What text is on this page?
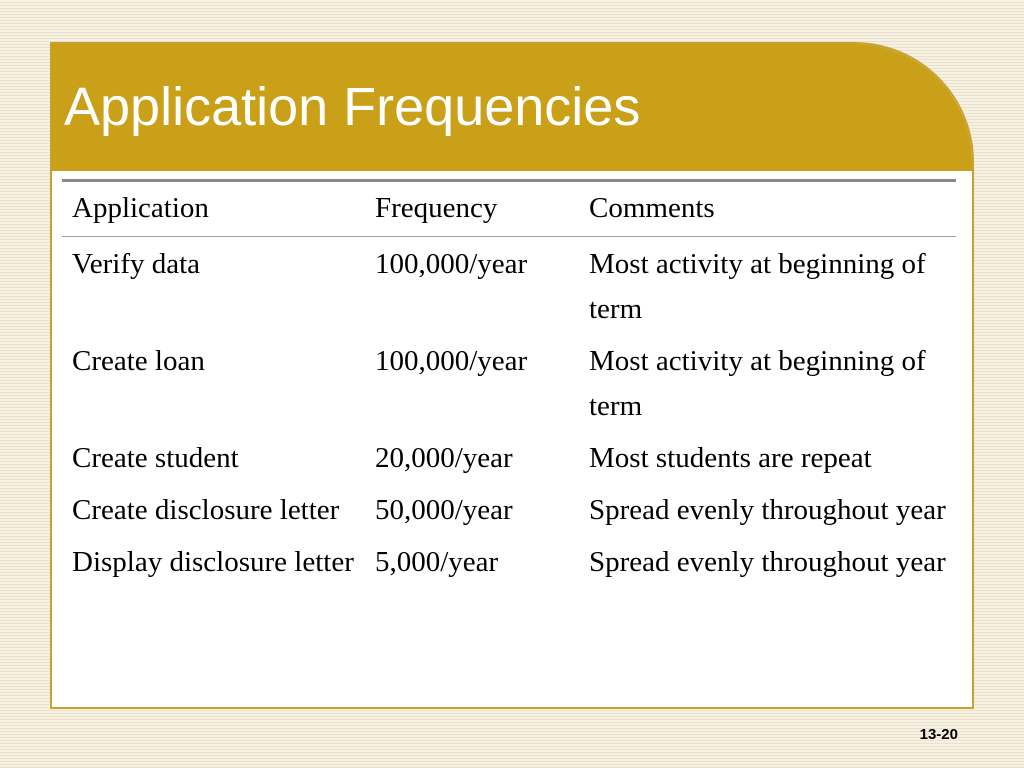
Application Frequencies
Application	Frequency	Comments
Verify data	100,000/year	Most activity at beginning of term
Create loan	100,000/year	Most activity at beginning of term
Create student	20,000/year	Most students are repeat
Create disclosure letter	50,000/year	Spread evenly throughout year
Display disclosure letter	5,000/year	Spread evenly throughout year
13-20
